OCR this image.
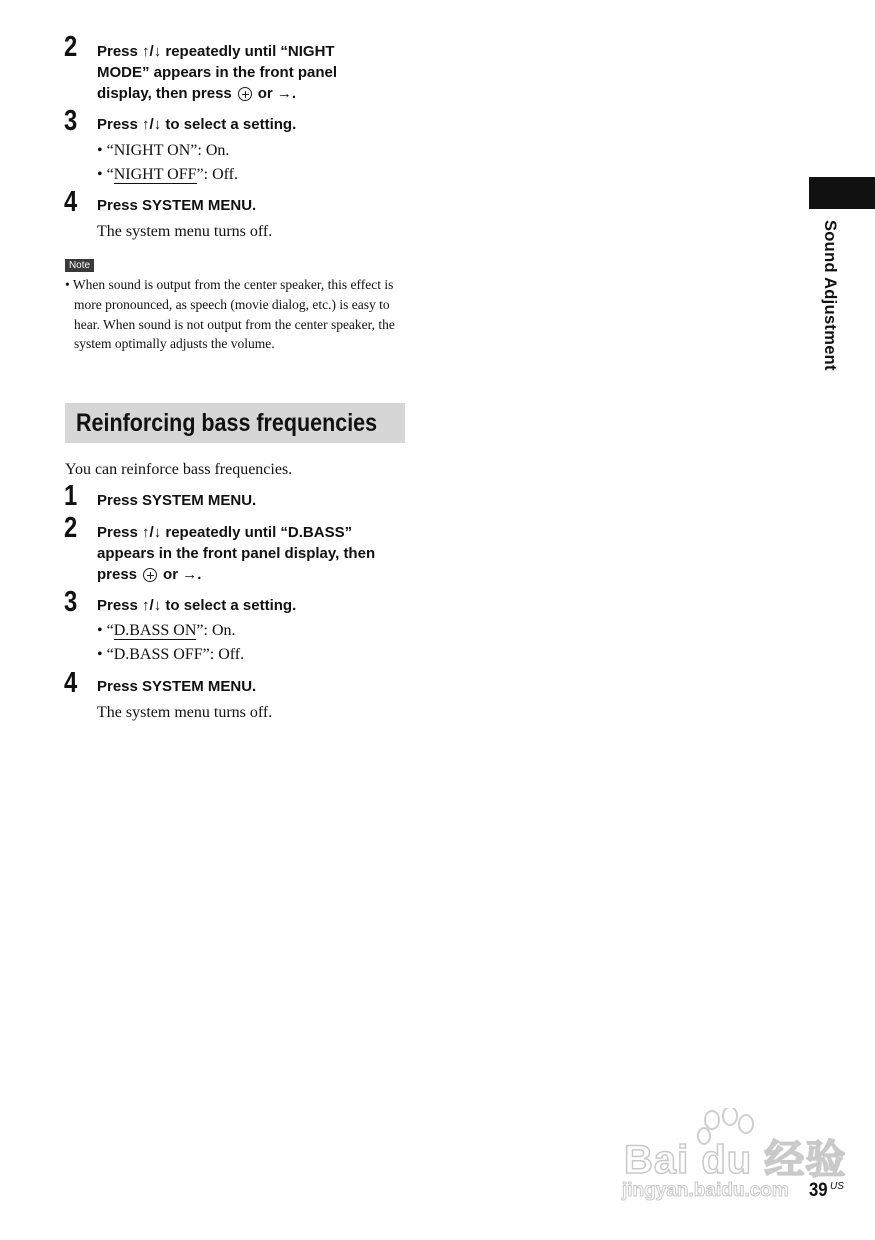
Sound Adjustment
2	Press ↑/↓ repeatedly until “NIGHT MODE” appears in the front panel display, then press or →.
3	Press ↑/↓ to select a setting.
• “NIGHT ON”: On.
• “NIGHT OFF”: Off.
4	Press SYSTEM MENU.
The system menu turns off.
Note
• When sound is output from the center speaker, this effect is more pronounced, as speech (movie dialog, etc.) is easy to hear. When sound is not output from the center speaker, the system optimally adjusts the volume.
Reinforcing bass frequencies
You can reinforce bass frequencies.
1	Press SYSTEM MENU.
2	Press ↑/↓ repeatedly until “D.BASS” appears in the front panel display, then press or →.
3	Press ↑/↓ to select a setting.
• “D.BASS ON”: On.
• “D.BASS OFF”: Off.
4	Press SYSTEM MENU.
The system menu turns off.
Bai du 经验
jingyan.baidu.com 39 US
